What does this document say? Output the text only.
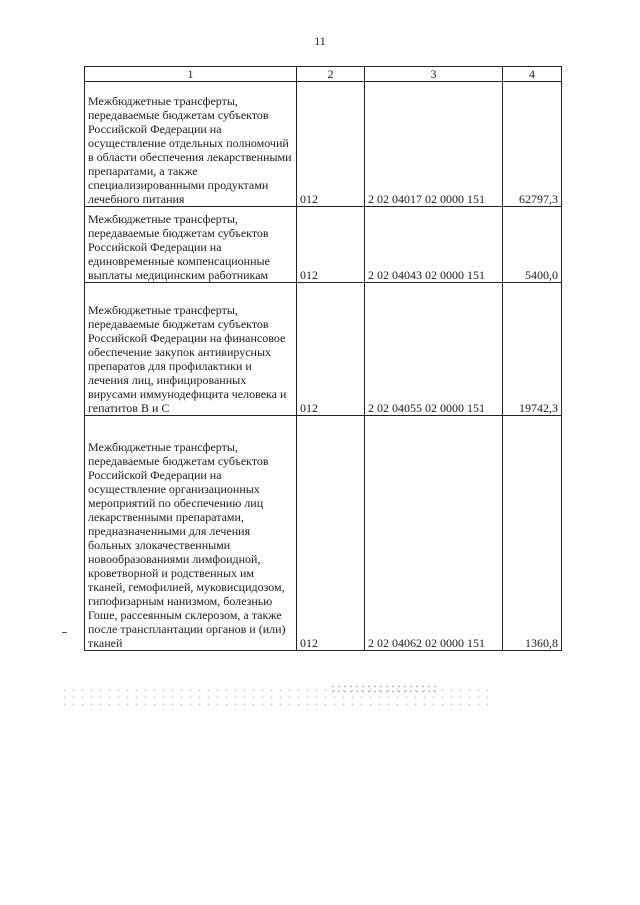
11
1	2	3	4
Межбюджетные трансферты, передаваемые бюджетам субъектов Российской Федерации на осуществление отдельных полномочий в области обеспечения лекарственными препаратами, а также специализированными продуктами лечебного питания	012	2 02 04017 02 0000 151	62797,3
Межбюджетные трансферты, передаваемые бюджетам субъектов Российской Федерации на единовременные компенсационные выплаты медицинским работникам	012	2 02 04043 02 0000 151	5400,0
Межбюджетные трансферты, передаваемые бюджетам субъектов Российской Федерации на финансовое обеспечение закупок антивирусных препаратов для профилактики и лечения лиц, инфицированных вирусами иммунодефицита человека и гепатитов В и С	012	2 02 04055 02 0000 151	19742,3
Межбюджетные трансферты, передаваемые бюджетам субъектов Российской Федерации на осуществление организационных мероприятий по обеспечению лиц лекарственными препаратами, предназначенными для лечения больных злокачественными новообразованиями лимфоидной, кроветворной и родственных им тканей, гемофилией, муковисцидозом, гипофизарным нанизмом, болезнью Гоше, рассеянным склерозом, а также после трансплантации органов и (или) тканей	012	2 02 04062 02 0000 151	1360,8
